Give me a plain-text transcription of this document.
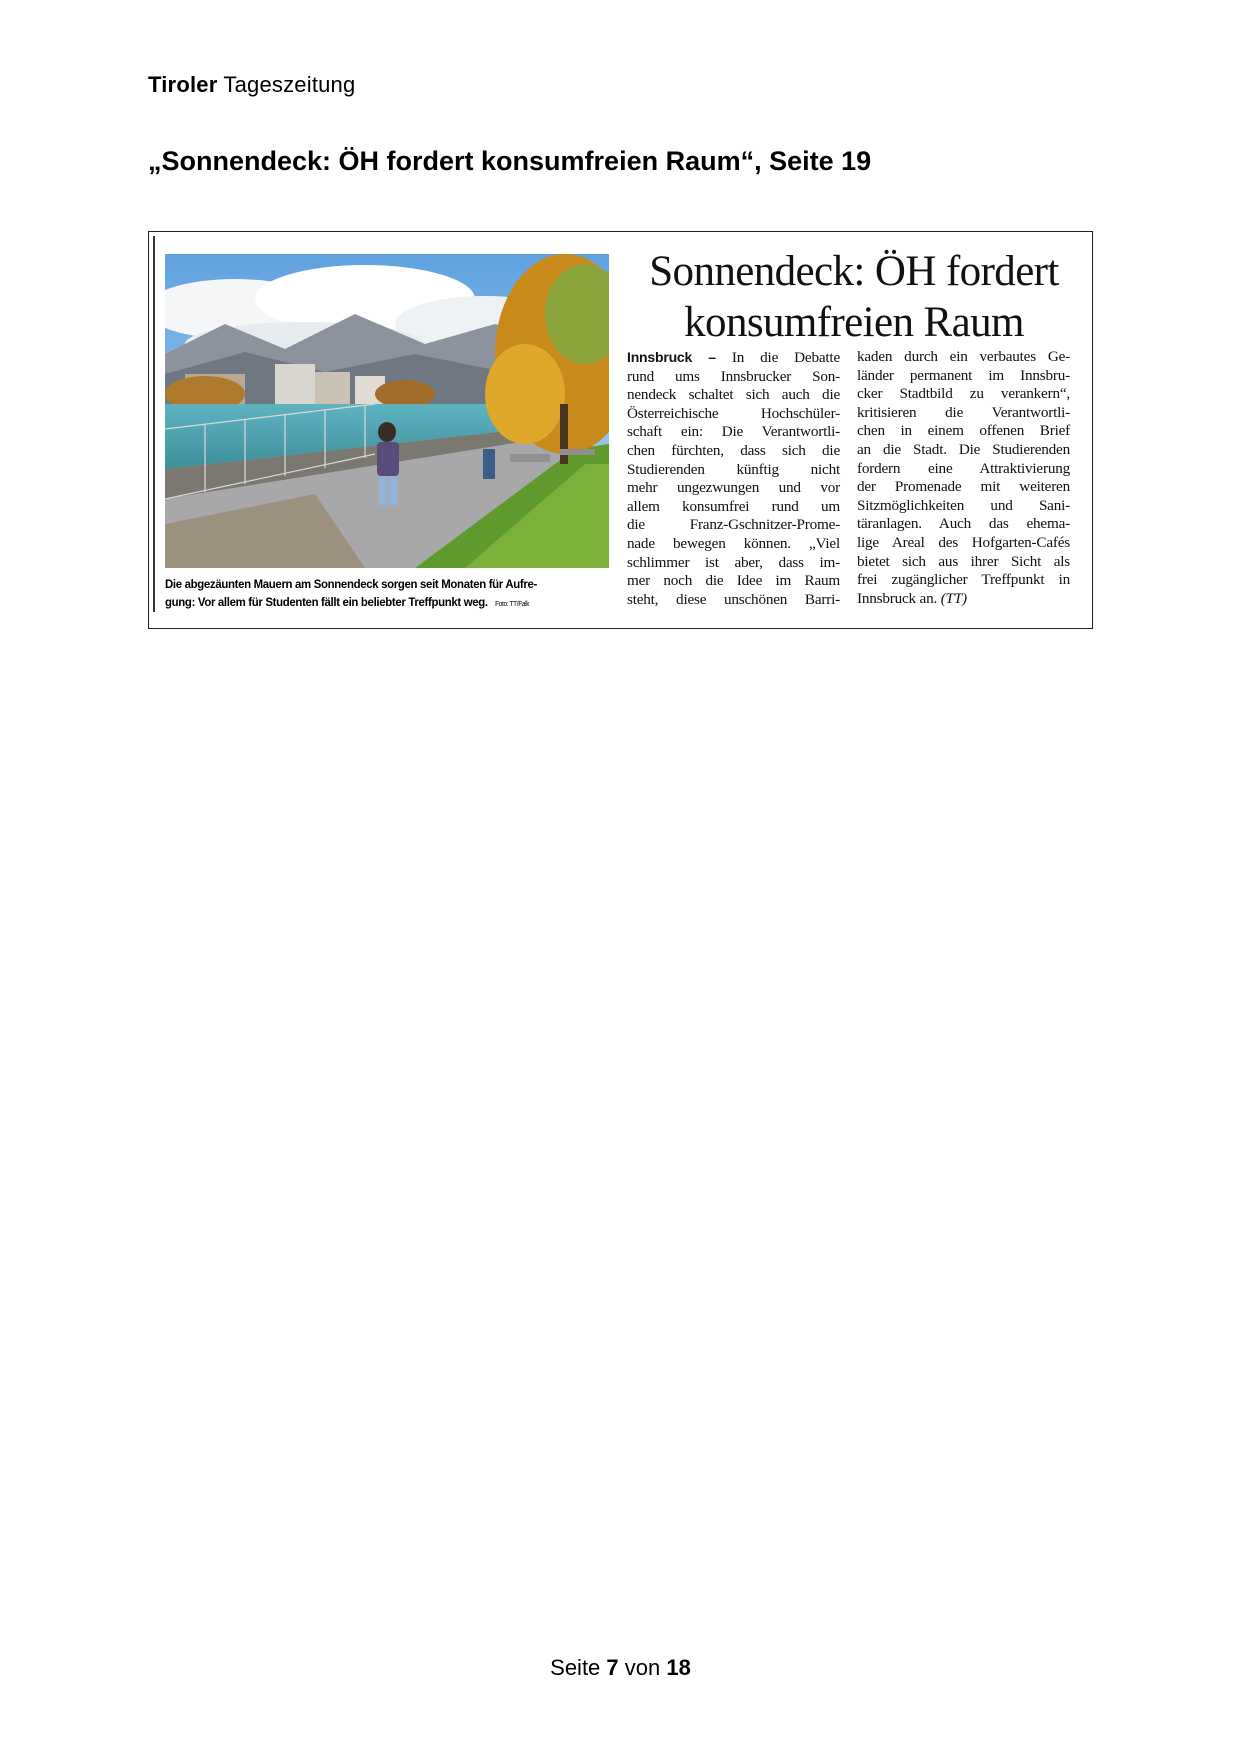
Tiroler Tageszeitung
„Sonnendeck: ÖH fordert konsumfreien Raum“, Seite 19
Die abgezäunten Mauern am Sonnendeck sorgen seit Monaten für Aufre-
gung: Vor allem für Studenten fällt ein beliebter Treffpunkt weg. Foto: TT/Falk
Sonnendeck: ÖH fordert
konsumfreien Raum
Innsbruck – In die Debatte
rund ums Innsbrucker Son-
nendeck schaltet sich auch die
Österreichische Hochschüler-
schaft ein: Die Verantwortli-
chen fürchten, dass sich die
Studierenden künftig nicht
mehr ungezwungen und vor
allem konsumfrei rund um
die Franz-Gschnitzer-Prome-
nade bewegen können. „Viel
schlimmer ist aber, dass im-
mer noch die Idee im Raum
steht, diese unschönen Barri-
kaden durch ein verbautes Ge-
länder permanent im Innsbru-
cker Stadtbild zu verankern“,
kritisieren die Verantwortli-
chen in einem offenen Brief
an die Stadt. Die Studierenden
fordern eine Attraktivierung
der Promenade mit weiteren
Sitzmöglichkeiten und Sani-
täranlagen. Auch das ehema-
lige Areal des Hofgarten-Cafés
bietet sich aus ihrer Sicht als
frei zugänglicher Treffpunkt in
Innsbruck an. (TT)
Seite 7 von 18
